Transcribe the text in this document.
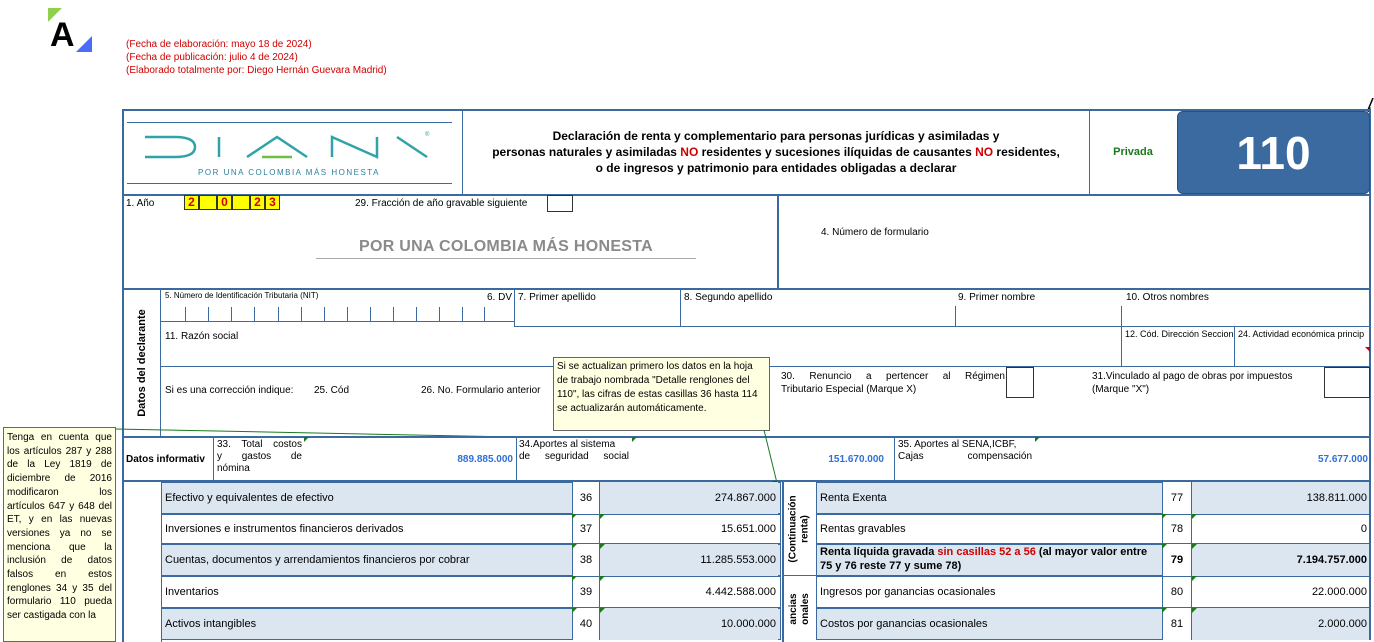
A	(Fecha de elaboración: mayo 18 de 2024)
(Fecha de publicación: julio 4 de 2024)
(Elaborado totalmente por: Diego Hernán Guevara Madrid)
®
POR UNA COLOMBIA MÁS HONESTA
Declaración de renta y complementario para personas jurídicas y asimiladas y
personas naturales y asimiladas NO residentes y sucesiones ilíquidas de causantes NO residentes,
o de ingresos y patrimonio para entidades obligadas a declarar
Privada	110
1. Año	2	0	2 3	29. Fracción de año gravable siguiente
POR UNA COLOMBIA MÁS HONESTA
4. Número de formulario
Datos del declarante
5. Número de Identificación Tributaria (NIT)	6. DV 7. Primer apellido	8. Segundo apellido	9. Primer nombre	10. Otros nombres
11. Razón social	12. Cód. Dirección Seccion 24. Actividad económica princip
Si es una corrección indique: 25. Cód	26. No. Formulario anterior
30. Renuncio a pertencer al Régimen
Tributario Especial (Marque X)
31.Vinculado al pago de obras por impuestos
(Marque "X")
Tenga en cuenta que los artículos 287 y 288 de la Ley 1819 de diciembre de 2016 modificaron los artículos 647 y 648 del ET, y en las nuevas versiones ya no se menciona que la inclusión de datos falsos en estos renglones 34 y 35 del formulario 110 pueda ser castigada con la
Datos informativ
33. Total costos
y gastos de
nómina
889.885.000
34.Aportes al sistema
de seguridad social	151.670.000
35. Aportes al SENA,ICBF,
Cajas compensación	57.677.000
Si se actualizan primero los datos en la hoja de trabajo nombrada "Detalle renglones del 110", las cifras de estas casillas 36 hasta 114 se actualizarán automáticamente.
Efectivo y equivalentes de efectivo	36	274.867.000
Inversiones e instrumentos financieros derivados	37	15.651.000
Cuentas, documentos y arrendamientos financieros por cobrar	38	11.285.553.000
Inventarios	39	4.442.588.000
Activos intangibles	40	10.000.000
(Continuación renta)
ancias onales
Renta Exenta	77	138.811.000
Rentas gravables	78	0
Renta líquida gravada sin casillas 52 a 56 (al mayor valor entre
75 y 76 reste 77 y sume 78)	79	7.194.757.000
Ingresos por ganancias ocasionales	80	22.000.000
Costos por ganancias ocasionales	81	2.000.000
